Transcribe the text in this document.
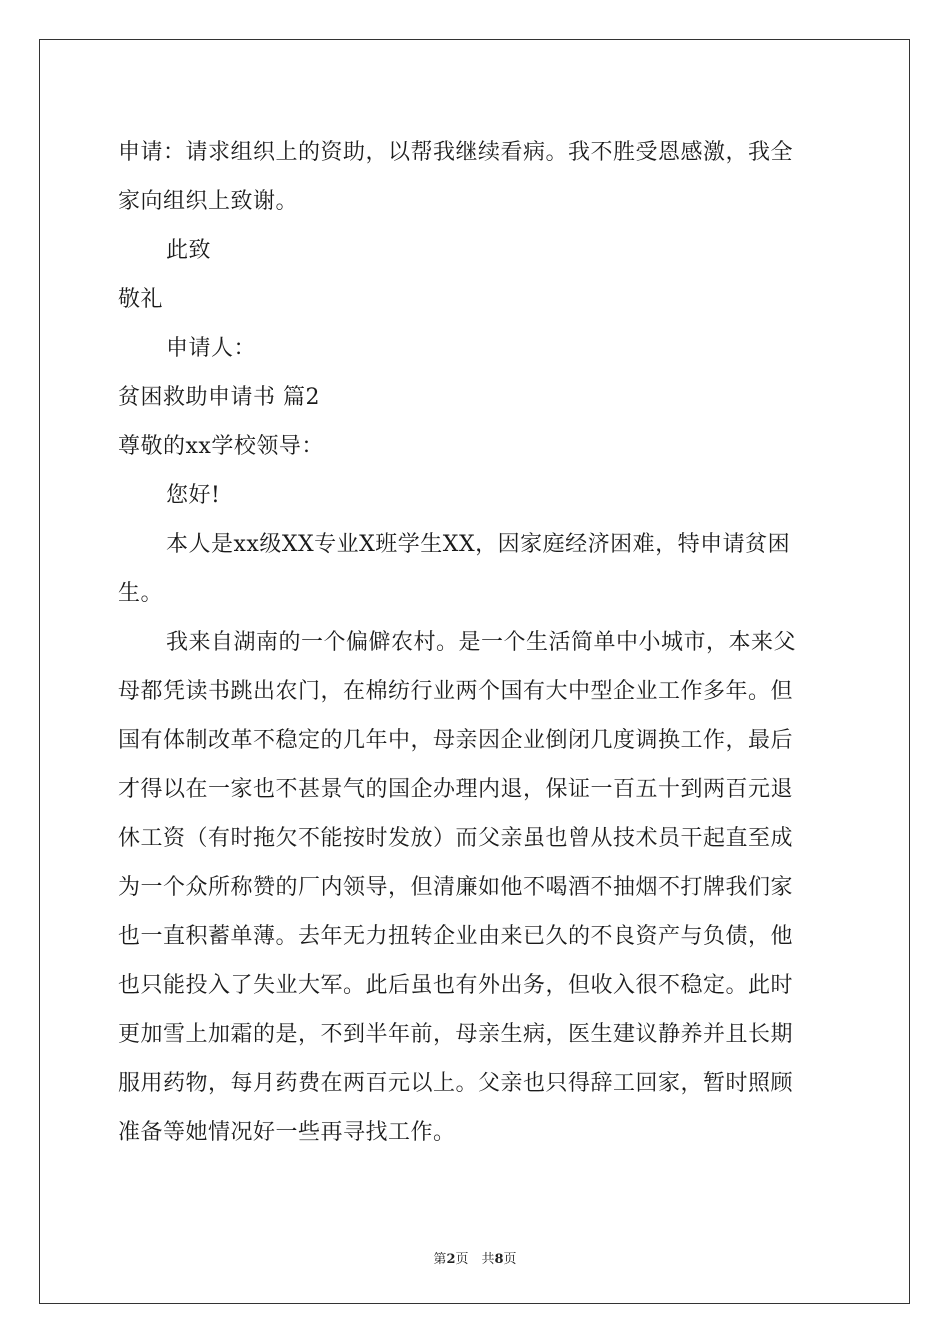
申请：请求组织上的资助，以帮我继续看病。我不胜受恩感激，我全
家向组织上致谢。
此致
敬礼
申请人：
贫困救助申请书 篇2
尊敬的xx学校领导：
您好!
本人是xx级XX专业X班学生XX，因家庭经济困难，特申请贫困
生。
我来自湖南的一个偏僻农村。是一个生活简单中小城市，本来父
母都凭读书跳出农门，在棉纺行业两个国有大中型企业工作多年。但
国有体制改革不稳定的几年中，母亲因企业倒闭几度调换工作，最后
才得以在一家也不甚景气的国企办理内退，保证一百五十到两百元退
休工资（有时拖欠不能按时发放）而父亲虽也曾从技术员干起直至成
为一个众所称赞的厂内领导，但清廉如他不喝酒不抽烟不打牌我们家
也一直积蓄单薄。去年无力扭转企业由来已久的不良资产与负债，他
也只能投入了失业大军。此后虽也有外出务，但收入很不稳定。此时
更加雪上加霜的是，不到半年前，母亲生病，医生建议静养并且长期
服用药物，每月药费在两百元以上。父亲也只得辞工回家，暂时照顾
准备等她情况好一些再寻找工作。
第2页　共8页
